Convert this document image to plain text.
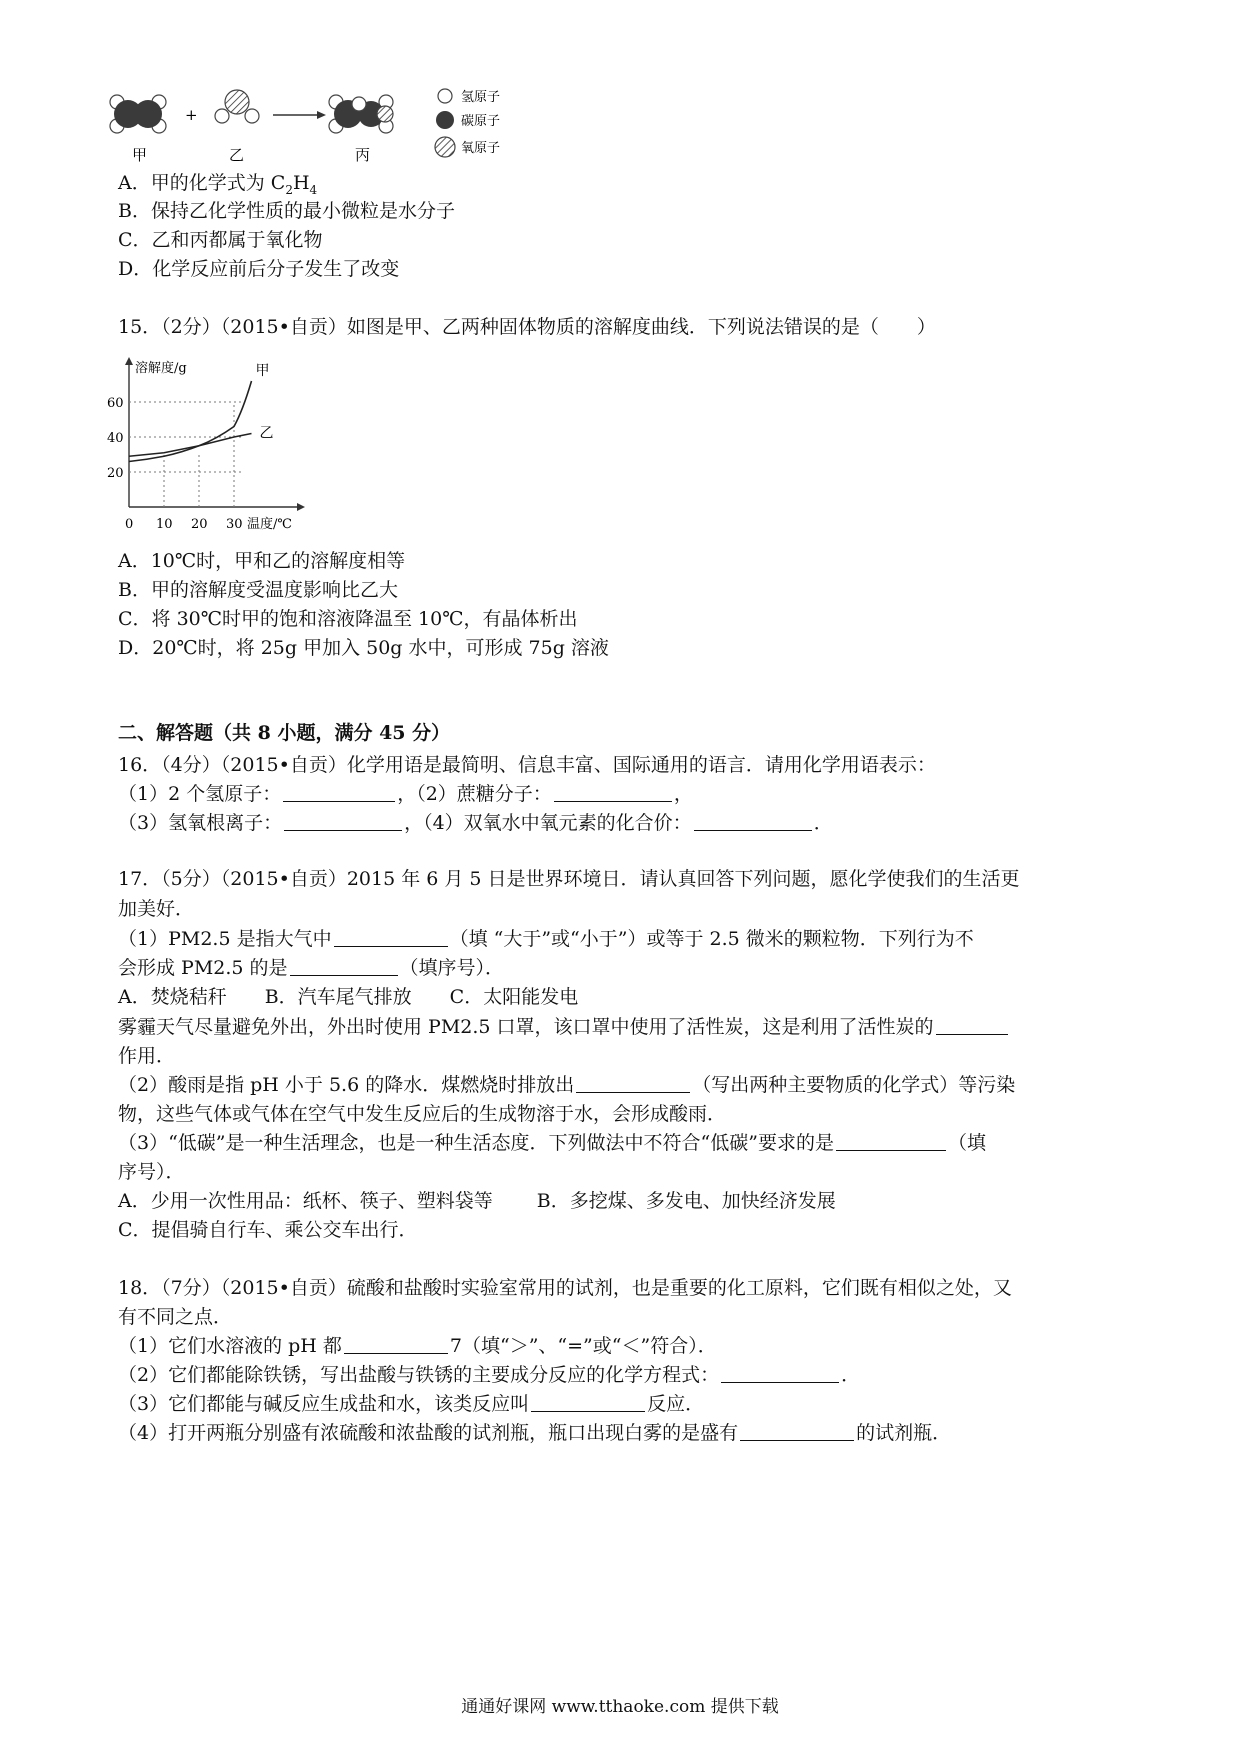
甲
+
乙	丙
氢原子
碳原子
氧原子
A．甲的化学式为 $C_2H_4$
B．保持乙化学性质的最小微粒是水分子
C．乙和丙都属于氧化物
D．化学反应前后分子发生了改变
15．（2分）（2015•自贡）如图是甲、乙两种固体物质的溶解度曲线．下列说法错误的是（　　）
溶解度/g
温度/℃
20
40
60
0 10 20 30
甲
乙
A．10℃时，甲和乙的溶解度相等
B．甲的溶解度受温度影响比乙大
C．将 30℃时甲的饱和溶液降温至 10℃，有晶体析出
D．20℃时，将 25g 甲加入 50g 水中，可形成 75g 溶液
二、解答题（共 8 小题，满分 45 分）
16．（4分）（2015•自贡）化学用语是最简明、信息丰富、国际通用的语言．请用化学用语表示：
（1）2 个氢原子：	，（2）蔗糖分子：	，
（3）氢氧根离子：	，（4）双氧水中氧元素的化合价：	．
17．（5分）（2015•自贡）2015 年 6 月 5 日是世界环境日．请认真回答下列问题，愿化学使我们的生活更
加美好．
（1）PM2.5 是指大气中	（填 “大于”或“小于”）或等于 2.5 微米的颗粒物．下列行为不
会形成 PM2.5 的是	（填序号）．
A．焚烧秸秆　　B．汽车尾气排放　　C．太阳能发电
雾霾天气尽量避免外出，外出时使用 PM2.5 口罩，该口罩中使用了活性炭，这是利用了活性炭的
作用．
（2）酸雨是指 pH 小于 5.6 的降水．煤燃烧时排放出	（写出两种主要物质的化学式）等污染
物，这些气体或气体在空气中发生反应后的生成物溶于水，会形成酸雨．
（3）“低碳”是一种生活理念，也是一种生活态度．下列做法中不符合“低碳”要求的是	（填
序号）．
A．少用一次性用品：纸杯、筷子、塑料袋等 B．多挖煤、多发电、加快经济发展
C．提倡骑自行车、乘公交车出行．
18．（7分）（2015•自贡）硫酸和盐酸时实验室常用的试剂，也是重要的化工原料，它们既有相似之处，又
有不同之点．
（1）它们水溶液的 pH 都	7（填“＞”、“=”或“＜”符合）．
（2）它们都能除铁锈，写出盐酸与铁锈的主要成分反应的化学方程式：	．
（3）它们都能与碱反应生成盐和水，该类反应叫	反应．
（4）打开两瓶分别盛有浓硫酸和浓盐酸的试剂瓶，瓶口出现白雾的是盛有	的试剂瓶．
通通好课网 www.tthaoke.com 提供下载
